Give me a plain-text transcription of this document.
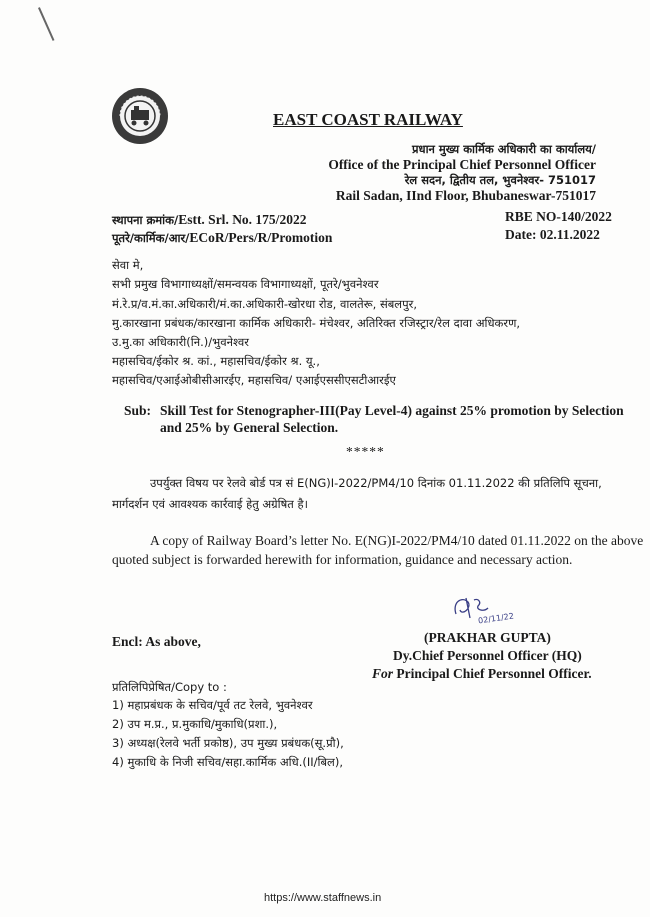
EAST COAST RAILWAY
प्रधान मुख्य कार्मिक अधिकारी का कार्यालय/
Office of the Principal Chief Personnel Officer
रेल सदन, द्वितीय तल, भुवनेश्वर- 751017
Rail Sadan, IInd Floor, Bhubaneswar-751017
स्थापना क्रमांक/Estt. Srl. No. 175/2022
पूतरे/कार्मिक/आर/ECoR/Pers/R/Promotion
RBE NO-140/2022
Date: 02.11.2022
सेवा मे,
सभी प्रमुख विभागाध्यक्षों/समन्वयक विभागाध्यक्षों, पूतरे/भुवनेश्वर
मं.रे.प्र/व.मं.का.अधिकारी/मं.का.अधिकारी-खोरधा रोड, वालतेरू, संबलपुर,
मु.कारखाना प्रबंधक/कारखाना कार्मिक अधिकारी- मंचेश्वर, अतिरिक्त रजिस्ट्रार/रेल दावा अधिकरण,
उ.मु.का अधिकारी(नि.)/भुवनेश्वर
महासचिव/ईकोर श्र. कां., महासचिव/ईकोर श्र. यू.,
महासचिव/एआईओबीसीआरईए, महासचिव/ एआईएससीएसटीआरईए
Sub: Skill Test for Stenographer-III(Pay Level-4) against 25% promotion by Selection
and 25% by General Selection.
*****
उपर्युक्त विषय पर रेलवे बोर्ड पत्र सं E(NG)I-2022/PM4/10 दिनांक 01.11.2022 की प्रतिलिपि सूचना,
मार्गदर्शन एवं आवश्यक कार्रवाई हेतु अग्रेषित है।
A copy of Railway Board’s letter No. E(NG)I-2022/PM4/10 dated 01.11.2022 on the above
quoted subject is forwarded herewith for information, guidance and necessary action.
02/11/22
Encl: As above,	(PRAKHAR GUPTA)
Dy.Chief Personnel Officer (HQ)
For Principal Chief Personnel Officer.
प्रतिलिपिप्रेषित/Copy to :
1) महाप्रबंधक के सचिव/पूर्व तट रेलवे, भुवनेश्वर
2) उप म.प्र., प्र.मुकाधि/मुकाधि(प्रशा.),
3) अध्यक्ष(रेलवे भर्ती प्रकोष्ठ), उप मुख्य प्रबंधक(सू.प्रौ),
4) मुकाधि के निजी सचिव/सहा.कार्मिक अधि.(II/बिल),
https://www.staffnews.in
